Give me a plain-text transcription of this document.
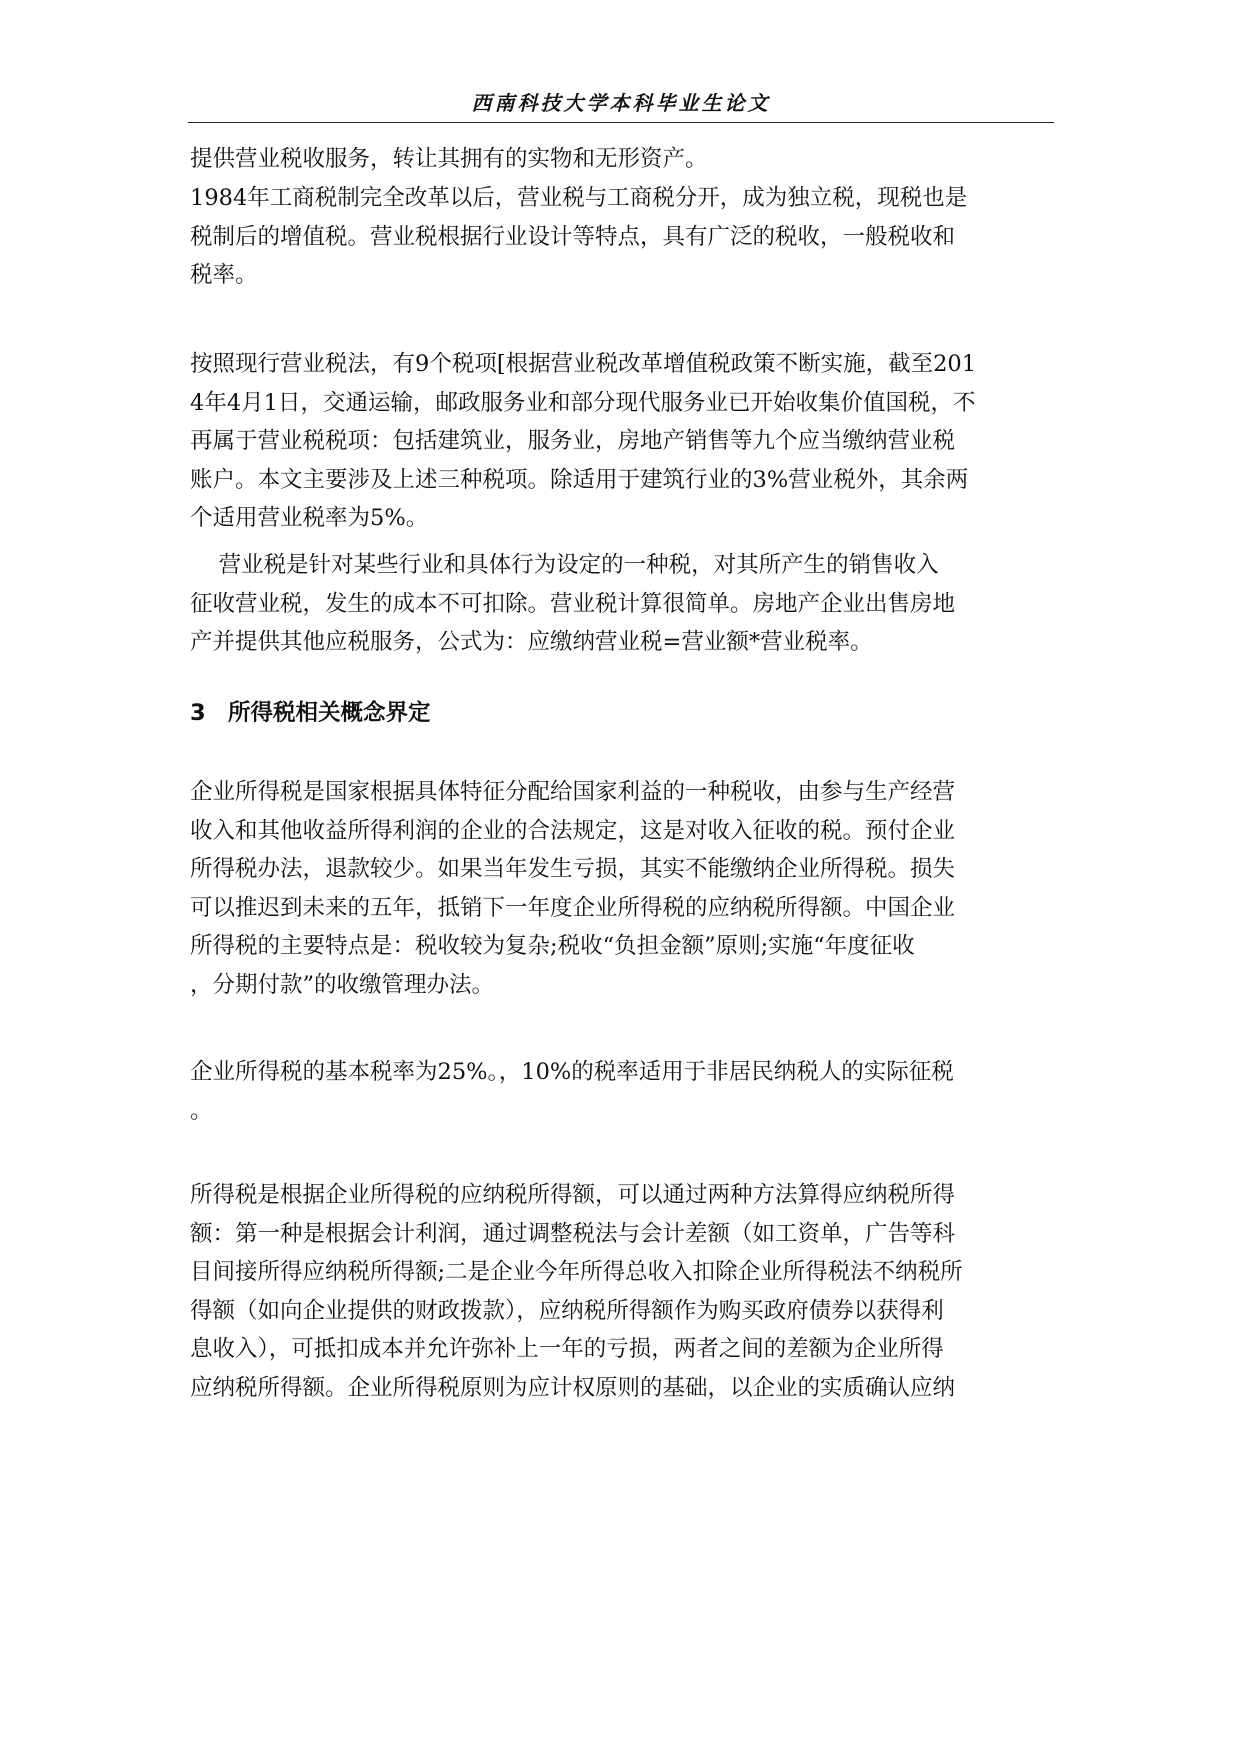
西南科技大学本科毕业生论文

提供营业税收服务，转让其拥有的实物和无形资产。

1984年工商税制完全改革以后，营业税与工商税分开，成为独立税，现税也是
税制后的增值税。营业税根据行业设计等特点，具有广泛的税收，一般税收和
税率。

按照现行营业税法，有9个税项[根据营业税改革增值税政策不断实施，截至201
4年4月1日，交通运输，邮政服务业和部分现代服务业已开始收集价值国税，不
再属于营业税税项：包括建筑业，服务业，房地产销售等九个应当缴纳营业税
账户。本文主要涉及上述三种税项。除适用于建筑行业的3%营业税外，其余两
个适用营业税率为5%。

营业税是针对某些行业和具体行为设定的一种税，对其所产生的销售收入
征收营业税，发生的成本不可扣除。营业税计算很简单。房地产企业出售房地
产并提供其他应税服务，公式为：应缴纳营业税=营业额*营业税率。

3 所得税相关概念界定

企业所得税是国家根据具体特征分配给国家利益的一种税收，由参与生产经营
收入和其他收益所得利润的企业的合法规定，这是对收入征收的税。预付企业
所得税办法，退款较少。如果当年发生亏损，其实不能缴纳企业所得税。损失
可以推迟到未来的五年，抵销下一年度企业所得税的应纳税所得额。中国企业
所得税的主要特点是：税收较为复杂;税收“负担金额”原则;实施“年度征收
，分期付款”的收缴管理办法。

企业所得税的基本税率为25%。，10%的税率适用于非居民纳税人的实际征税
。

所得税是根据企业所得税的应纳税所得额，可以通过两种方法算得应纳税所得
额：第一种是根据会计利润，通过调整税法与会计差额（如工资单，广告等科
目间接所得应纳税所得额;二是企业今年所得总收入扣除企业所得税法不纳税所
得额（如向企业提供的财政拨款），应纳税所得额作为购买政府债券以获得利
息收入），可抵扣成本并允许弥补上一年的亏损，两者之间的差额为企业所得
应纳税所得额。企业所得税原则为应计权原则的基础，以企业的实质确认应纳
